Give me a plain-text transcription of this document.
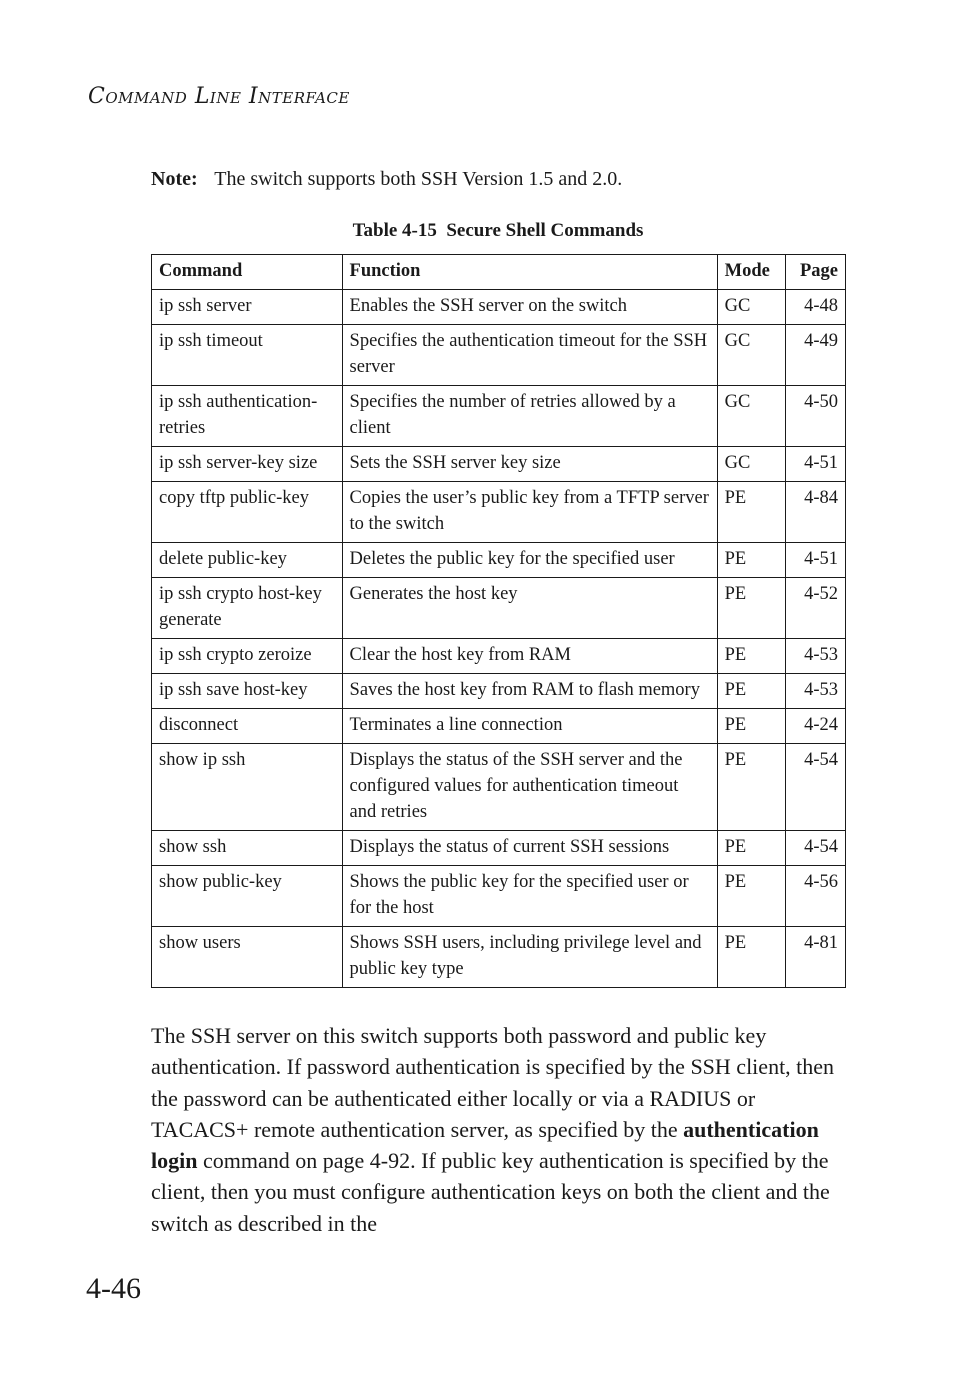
Command Line Interface
Note: The switch supports both SSH Version 1.5 and 2.0.
Table 4-15  Secure Shell Commands
Command	Function	Mode	Page
ip ssh server	Enables the SSH server on the switch	GC	4-48
ip ssh timeout	Specifies the authentication timeout for the SSH server	GC	4-49
ip ssh authentication-retries	Specifies the number of retries allowed by a client	GC	4-50
ip ssh server-key size	Sets the SSH server key size	GC	4-51
copy tftp public-key	Copies the user’s public key from a TFTP server to the switch	PE	4-84
delete public-key	Deletes the public key for the specified user	PE	4-51
ip ssh crypto host-key generate	Generates the host key	PE	4-52
ip ssh crypto zeroize	Clear the host key from RAM	PE	4-53
ip ssh save host-key	Saves the host key from RAM to flash memory	PE	4-53
disconnect	Terminates a line connection	PE	4-24
show ip ssh	Displays the status of the SSH server and the configured values for authentication timeout and retries	PE	4-54
show ssh	Displays the status of current SSH sessions	PE	4-54
show public-key	Shows the public key for the specified user or for the host	PE	4-56
show users	Shows SSH users, including privilege level and public key type	PE	4-81

The SSH server on this switch supports both password and public key authentication. If password authentication is specified by the SSH client, then the password can be authenticated either locally or via a RADIUS or TACACS+ remote authentication server, as specified by the authentication login command on page 4-92. If public key authentication is specified by the client, then you must configure authentication keys on both the client and the switch as described in the

4-46
